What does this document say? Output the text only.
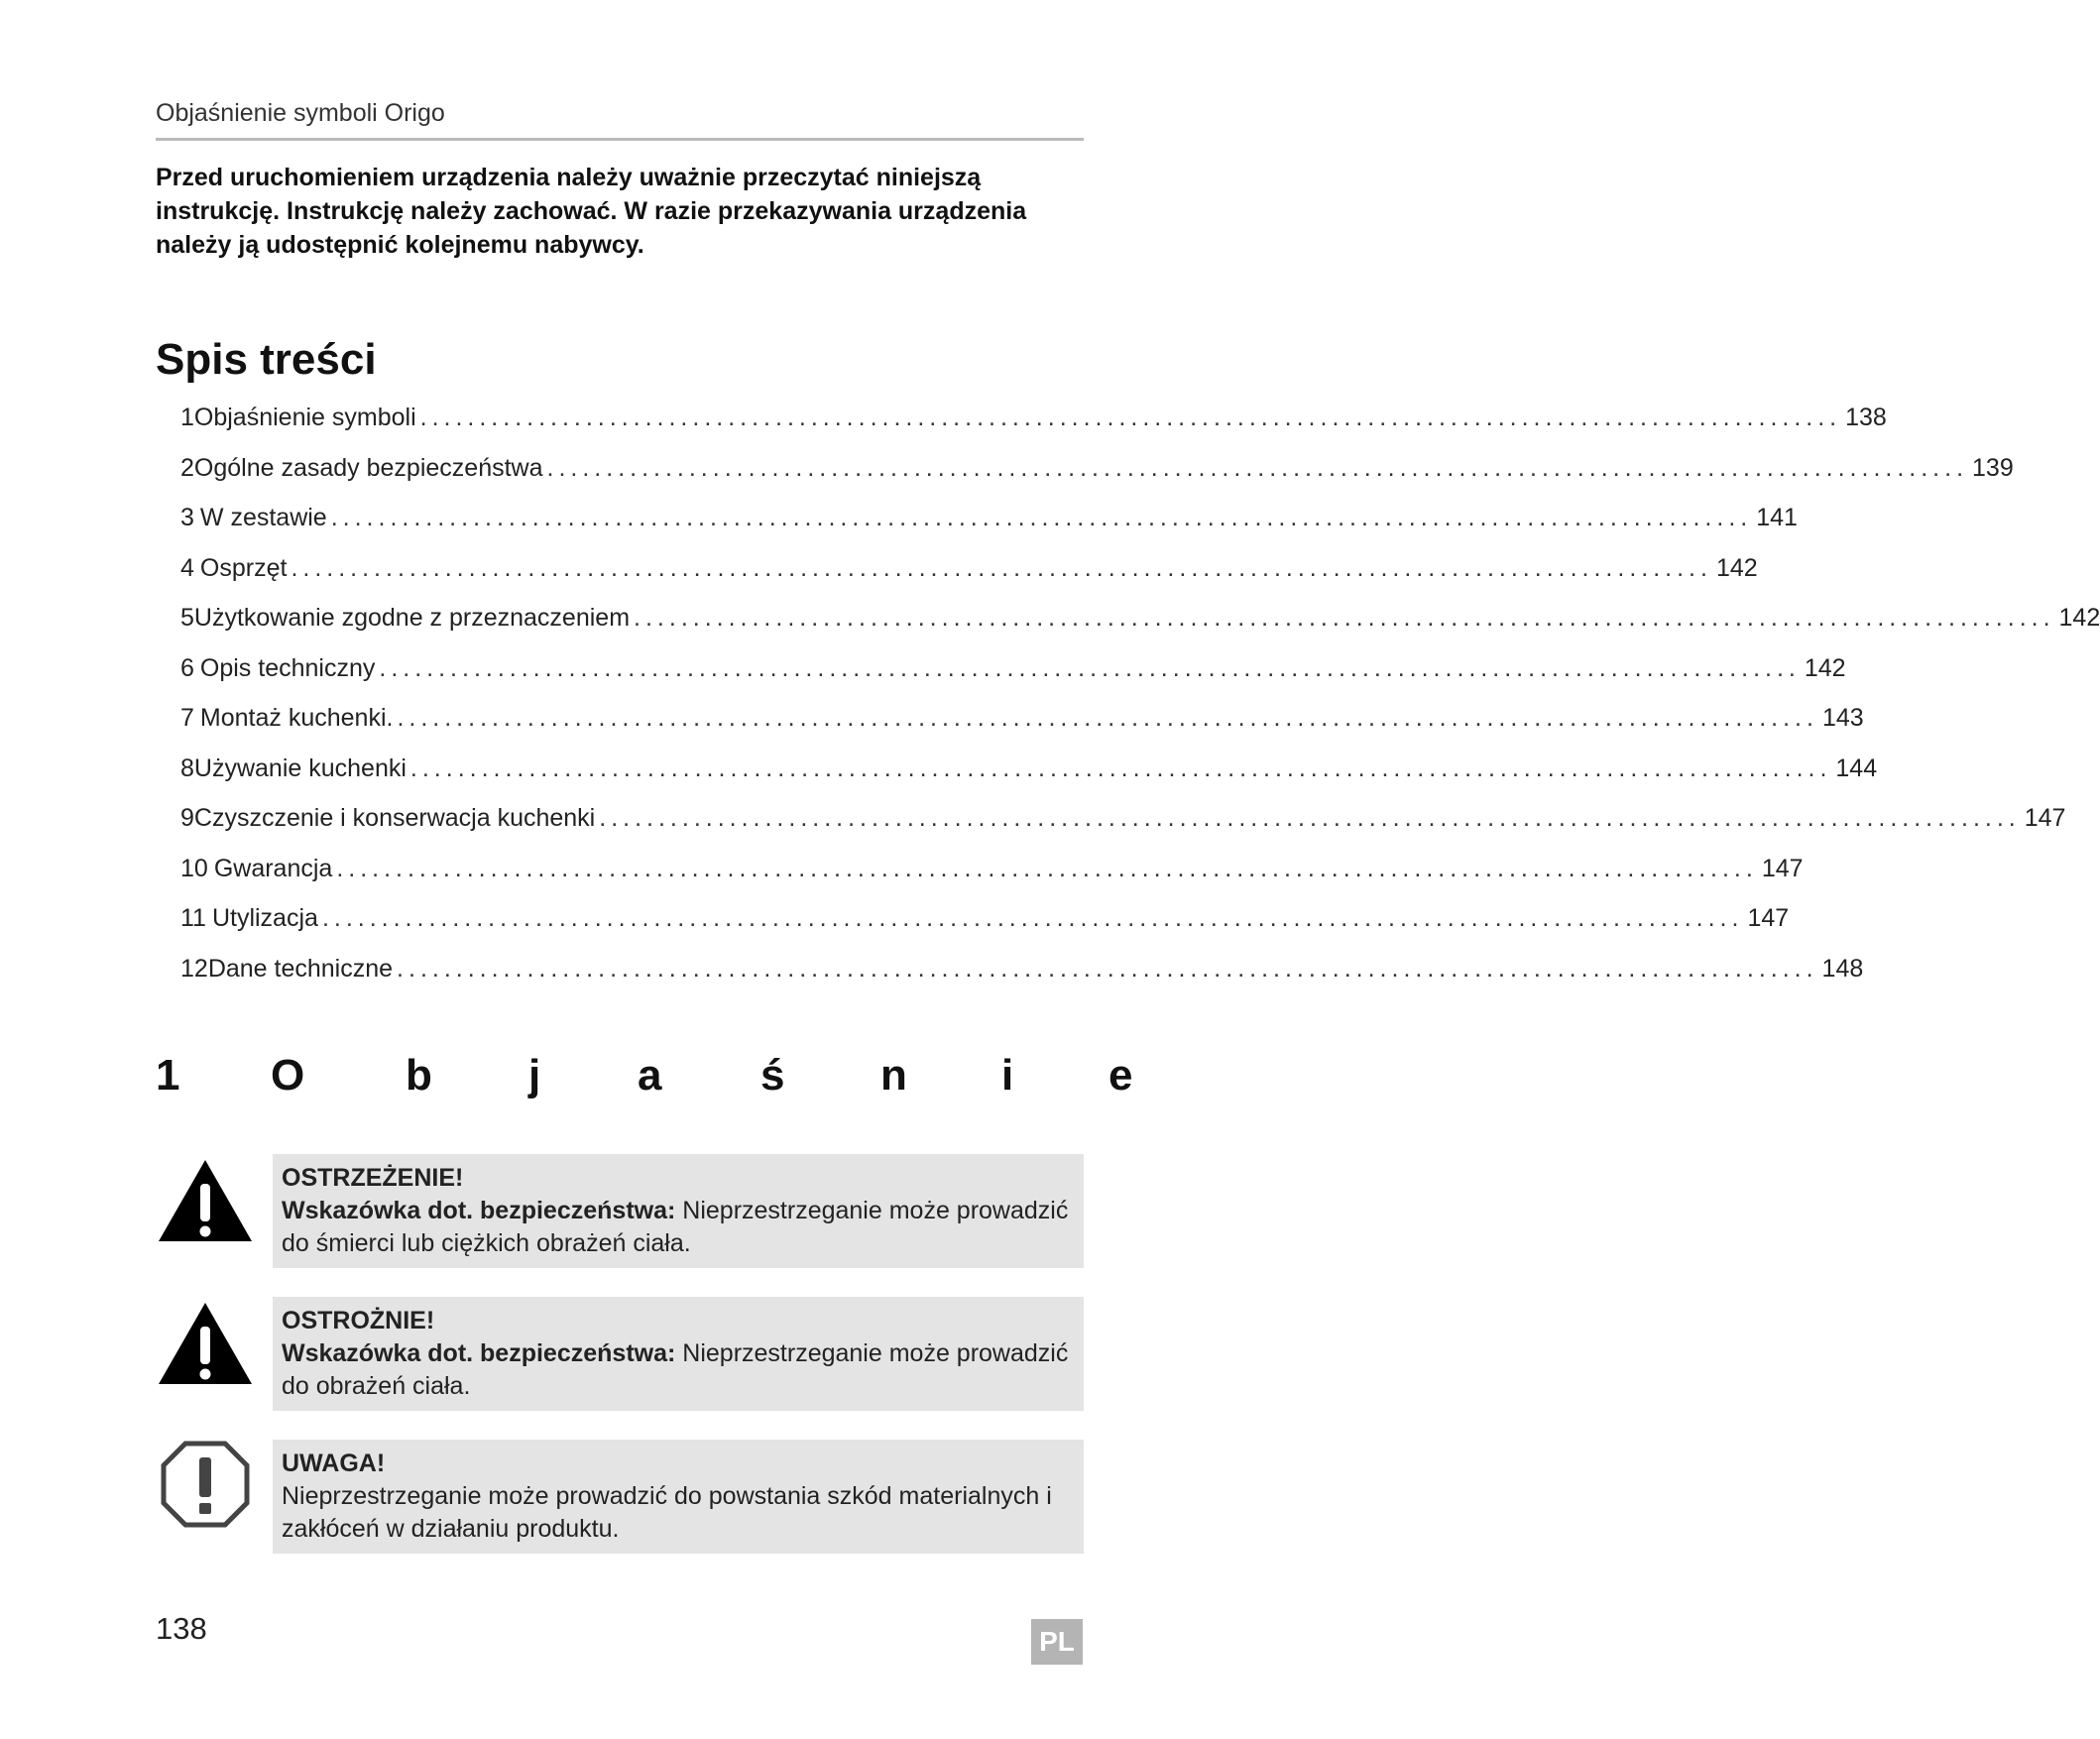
Objaśnienie symboli Origo
Przed uruchomieniem urządzenia należy uważnie przeczytać niniejszą instrukcję. Instrukcję należy zachować. W razie przekazywania urządzenia należy ją udostępnić kolejnemu nabywcy.
Spis treści
1 Objaśnienie symboli ........................................................................................................................ 138
2 Ogólne zasady bezpieczeństwa ........................................................................................................................ 139
3 W zestawie ........................................................................................................................ 141
4 Osprzęt ........................................................................................................................ 142
5 Użytkowanie zgodne z przeznaczeniem ........................................................................................................................ 142
6 Opis techniczny ........................................................................................................................ 142
7 Montaż kuchenki. ........................................................................................................................ 143
8 Używanie kuchenki ........................................................................................................................ 144
9 Czyszczenie i konserwacja kuchenki ........................................................................................................................ 147
10 Gwarancja ........................................................................................................................ 147
11 Utylizacja ........................................................................................................................ 147
12 Dane techniczne ........................................................................................................................ 148
1 O b j a ś n i e
OSTRZEŻENIE!
Wskazówka dot. bezpieczeństwa: Nieprzestrzeganie może prowadzić do śmierci lub ciężkich obrażeń ciała.
OSTROŻNIE!
Wskazówka dot. bezpieczeństwa: Nieprzestrzeganie może prowadzić do obrażeń ciała.
UWAGA!
Nieprzestrzeganie może prowadzić do powstania szkód materialnych i zakłóceń w działaniu produktu.
138	PL
